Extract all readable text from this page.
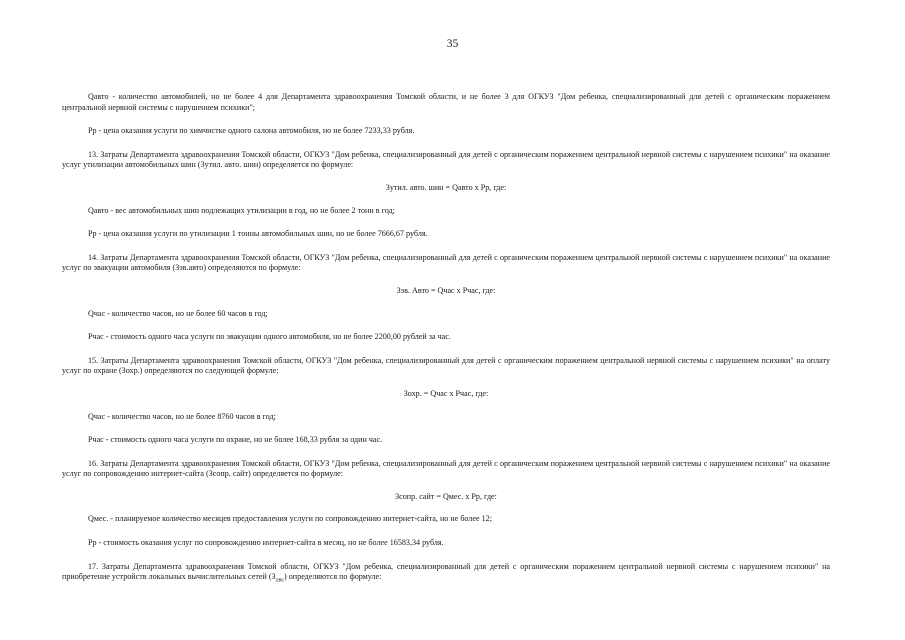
35

Qавто - количество автомобилей, но не более 4 для Департамента здравоохранения Томской области, и не более 3 для ОГКУЗ "Дом ребенка, специализированный для детей с органическим поражением центральной нервной системы с нарушением психики";

Рр - цена оказания услуги по химчистке одного салона автомобиля, но не более 7233,33 рубля.

13. Затраты Департамента здравоохранения Томской области, ОГКУЗ "Дом ребенка, специализированный для детей с органическим поражением центральной нервной системы с нарушением психики" на оказание услуг утилизации автомобильных шин (Зутил. авто. шин) определяется по формуле:

Зутил. авто. шин = Qавто х Рр, где:

Qавто - вес автомобильных шин подлежащих утилизации в год, но не более 2 тонн в год;

Рр - цена оказания услуги по утилизации 1 тонны автомобильных шин, но не более 7666,67 рубля.

14. Затраты Департамента здравоохранения Томской области, ОГКУЗ "Дом ребенка, специализированный для детей с органическим поражением центральной нервной системы с нарушением психики" на оказание услуг по эвакуации автомобиля (Зэв.авто) определяются по формуле:

Зэв. Авто = Qчас х Рчас, где:

Qчас - количество часов, но не более 60 часов в год;

Рчас - стоимость одного часа услуги по эвакуации одного автомобиля, но не более 2200,00 рублей за час.

15. Затраты Департамента здравоохранения Томской области, ОГКУЗ "Дом ребенка, специализированный для детей с органическим поражением центральной нервной системы с нарушением психики" на оплату услуг по охране (Зохр.) определяются по следующей формуле:

Зохр. = Qчас х Рчас, где:

Qчас - количество часов, но не более 8760 часов в год;

Рчас - стоимость одного часа услуги по охране, но не более 168,33 рубля за один час.

16. Затраты Департамента здравоохранения Томской области, ОГКУЗ "Дом ребенка, специализированный для детей с органическим поражением центральной нервной системы с нарушением психики" на оказание услуг по сопровождению интернет-сайта (Зсопр. сайт) определяется по формуле:

Зсопр. сайт = Qмес. х Рр, где:

Qмес. - планируемое количество месяцев предоставления услуги по сопровождению интернет-сайта, но не более 12;

Рр - стоимость оказания услуг по сопровождению интернет-сайта в месяц, но не более 16583,34 рубля.

17. Затраты Департамента здравоохранения Томской области, ОГКУЗ "Дом ребенка, специализированный для детей с органическим поражением центральной нервной системы с нарушением психики" на приобретение устройств локальных вычислительных сетей $(З_{лвс})$ определяются по формуле:
